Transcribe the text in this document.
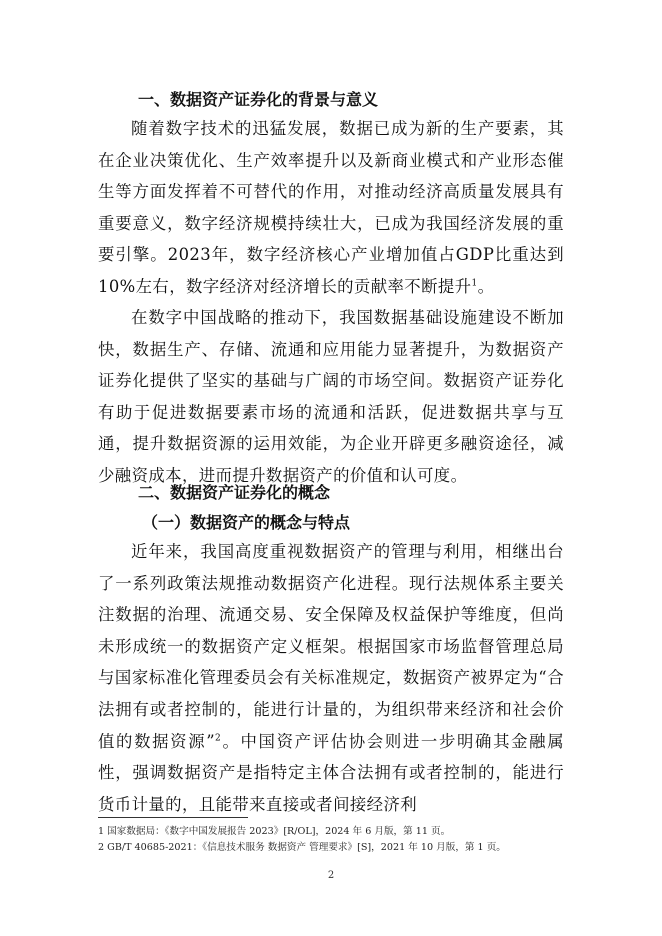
一、数据资产证券化的背景与意义

随着数字技术的迅猛发展，数据已成为新的生产要素，其在企业决策优化、生产效率提升以及新商业模式和产业形态催生等方面发挥着不可替代的作用，对推动经济高质量发展具有重要意义，数字经济规模持续壮大，已成为我国经济发展的重要引擎。2023年，数字经济核心产业增加值占GDP比重达到10%左右，数字经济对经济增长的贡献率不断提升$^1$。

在数字中国战略的推动下，我国数据基础设施建设不断加快，数据生产、存储、流通和应用能力显著提升，为数据资产证券化提供了坚实的基础与广阔的市场空间。数据资产证券化有助于促进数据要素市场的流通和活跃，促进数据共享与互通，提升数据资源的运用效能，为企业开辟更多融资途径，减少融资成本，进而提升数据资产的价值和认可度。

二、数据资产证券化的概念
（一）数据资产的概念与特点

近年来，我国高度重视数据资产的管理与利用，相继出台了一系列政策法规推动数据资产化进程。现行法规体系主要关注数据的治理、流通交易、安全保障及权益保护等维度，但尚未形成统一的数据资产定义框架。根据国家市场监督管理总局与国家标准化管理委员会有关标准规定，数据资产被界定为“合法拥有或者控制的，能进行计量的，为组织带来经济和社会价值的数据资源”$^2$。中国资产评估协会则进一步明确其金融属性，强调数据资产是指特定主体合法拥有或者控制的，能进行货币计量的，且能带来直接或者间接经济利

1 国家数据局：《数字中国发展报告 2023》[R/OL]，2024 年 6 月版，第 11 页。
2 GB/T 40685-2021：《信息技术服务 数据资产 管理要求》[S]，2021 年 10 月版，第 1 页。
2
